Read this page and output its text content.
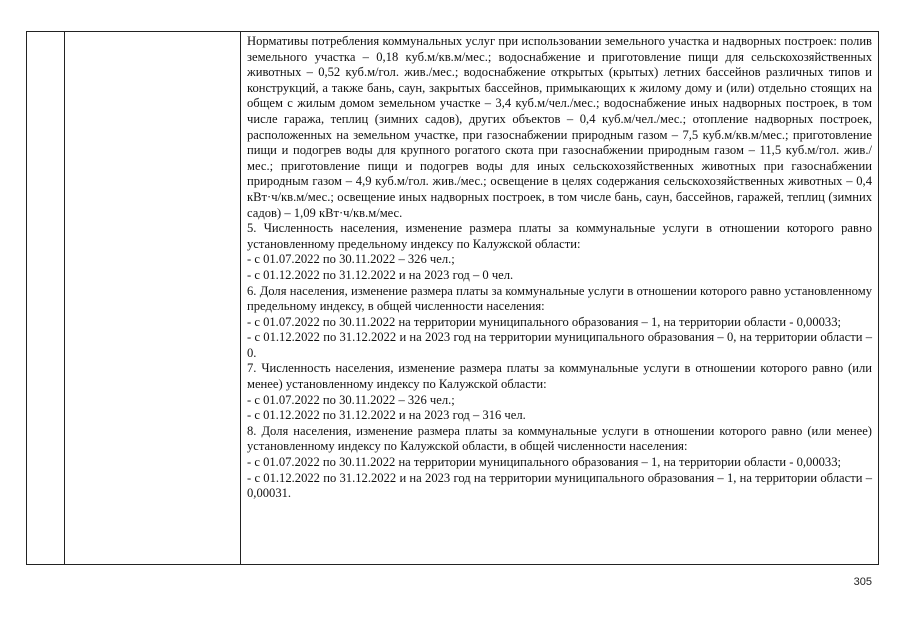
Нормативы потребления коммунальных услуг при использовании земельного участка и надворных построек: полив земельного участка – 0,18 куб.м/кв.м/мес.; водоснабжение и приготовление пищи для сельскохозяйственных животных – 0,52 куб.м/гол. жив./мес.; водоснабжение открытых (крытых) летних бассейнов различных типов и конструкций, а также бань, саун, закрытых бассейнов, примыкающих к жилому дому и (или) отдельно стоящих на общем с жилым домом земельном участке – 3,4 куб.м/чел./мес.; водоснабжение иных надворных построек, в том числе гаража, теплиц (зимних садов), других объектов – 0,4 куб.м/чел./мес.; отопление надворных построек, расположенных на земельном участке, при газоснабжении природным газом – 7,5 куб.м/кв.м/мес.; приготовление пищи и подогрев воды для крупного рогатого скота при газоснабжении природным газом – 11,5 куб.м/гол. жив./мес.; приготовление пищи и подогрев воды для иных сельскохозяйственных животных при газоснабжении природным газом – 4,9 куб.м/гол. жив./мес.; освещение в целях содержания сельскохозяйственных животных – 0,4 кВт·ч/кв.м/мес.; освещение иных надворных построек, в том числе бань, саун, бассейнов, гаражей, теплиц (зимних садов) – 1,09 кВт·ч/кв.м/мес.

5. Численность населения, изменение размера платы за коммунальные услуги в отношении которого равно установленному предельному индексу по Калужской области:

- с 01.07.2022 по 30.11.2022 – 326 чел.;

- с 01.12.2022 по 31.12.2022 и на 2023 год – 0 чел.

6. Доля населения, изменение размера платы за коммунальные услуги в отношении которого равно установленному предельному индексу, в общей численности населения:

- с 01.07.2022 по 30.11.2022 на территории муниципального образования – 1, на территории области - 0,00033;

- с 01.12.2022 по 31.12.2022 и на 2023 год на территории муниципального образования – 0, на территории области – 0.

7. Численность населения, изменение размера платы за коммунальные услуги в отношении которого равно (или менее) установленному индексу по Калужской области:

- с 01.07.2022 по 30.11.2022 – 326 чел.;

- с 01.12.2022 по 31.12.2022 и на 2023 год – 316 чел.

8. Доля населения, изменение размера платы за коммунальные услуги в отношении которого равно (или менее) установленному индексу по Калужской области, в общей численности населения:

- с 01.07.2022 по 30.11.2022 на территории муниципального образования – 1, на территории области - 0,00033;

- с 01.12.2022 по 31.12.2022 и на 2023 год на территории муниципального образования – 1, на территории области – 0,00031.

305
